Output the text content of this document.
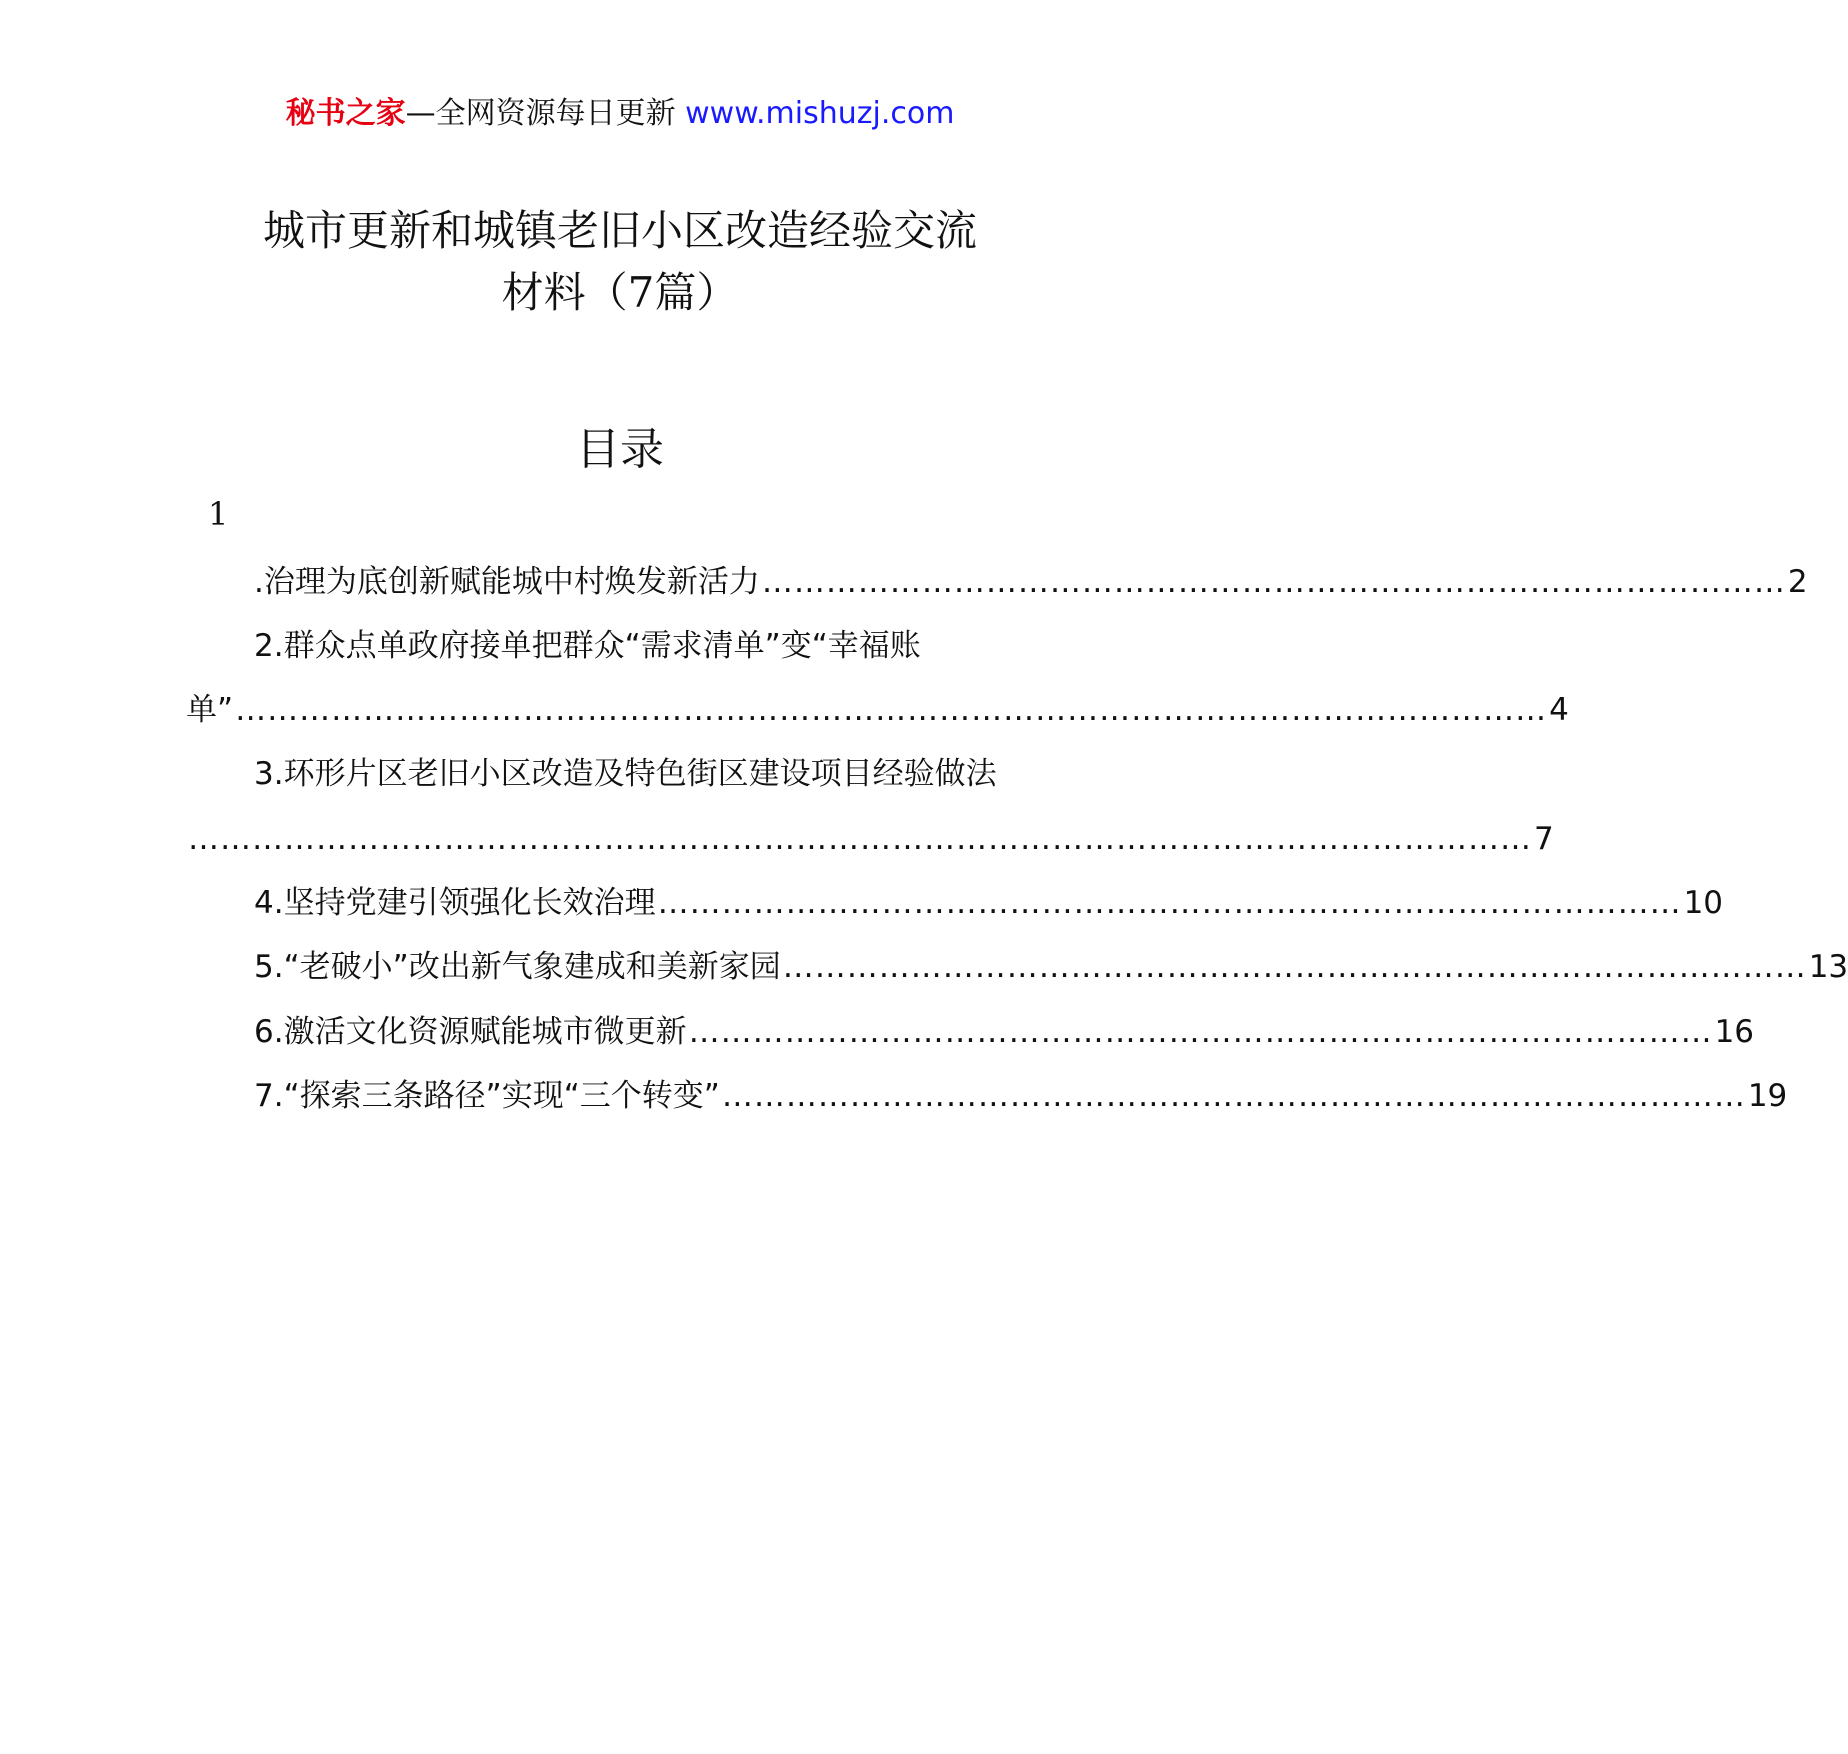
秘书之家—全网资源每日更新 www.mishuzj.com
城市更新和城镇老旧小区改造经验交流
材料（7篇）
目录
1
.治理为底创新赋能城中村焕发新活力 …………………………………………………………………………………… 2
2.群众点单政府接单把群众“需求清单”变“幸福账
单” …………………………………………………………………………………………………………… 4
3.环形片区老旧小区改造及特色街区建设项目经验做法
……………………………………………………………………………………………………………… 7
4.坚持党建引领强化长效治理 …………………………………………………………………………………… 10
5.“老破小”改出新气象建成和美新家园 …………………………………………………………………………………… 13
6.激活文化资源赋能城市微更新 …………………………………………………………………………………… 16
7.“探索三条路径”实现“三个转变” …………………………………………………………………………………… 19
